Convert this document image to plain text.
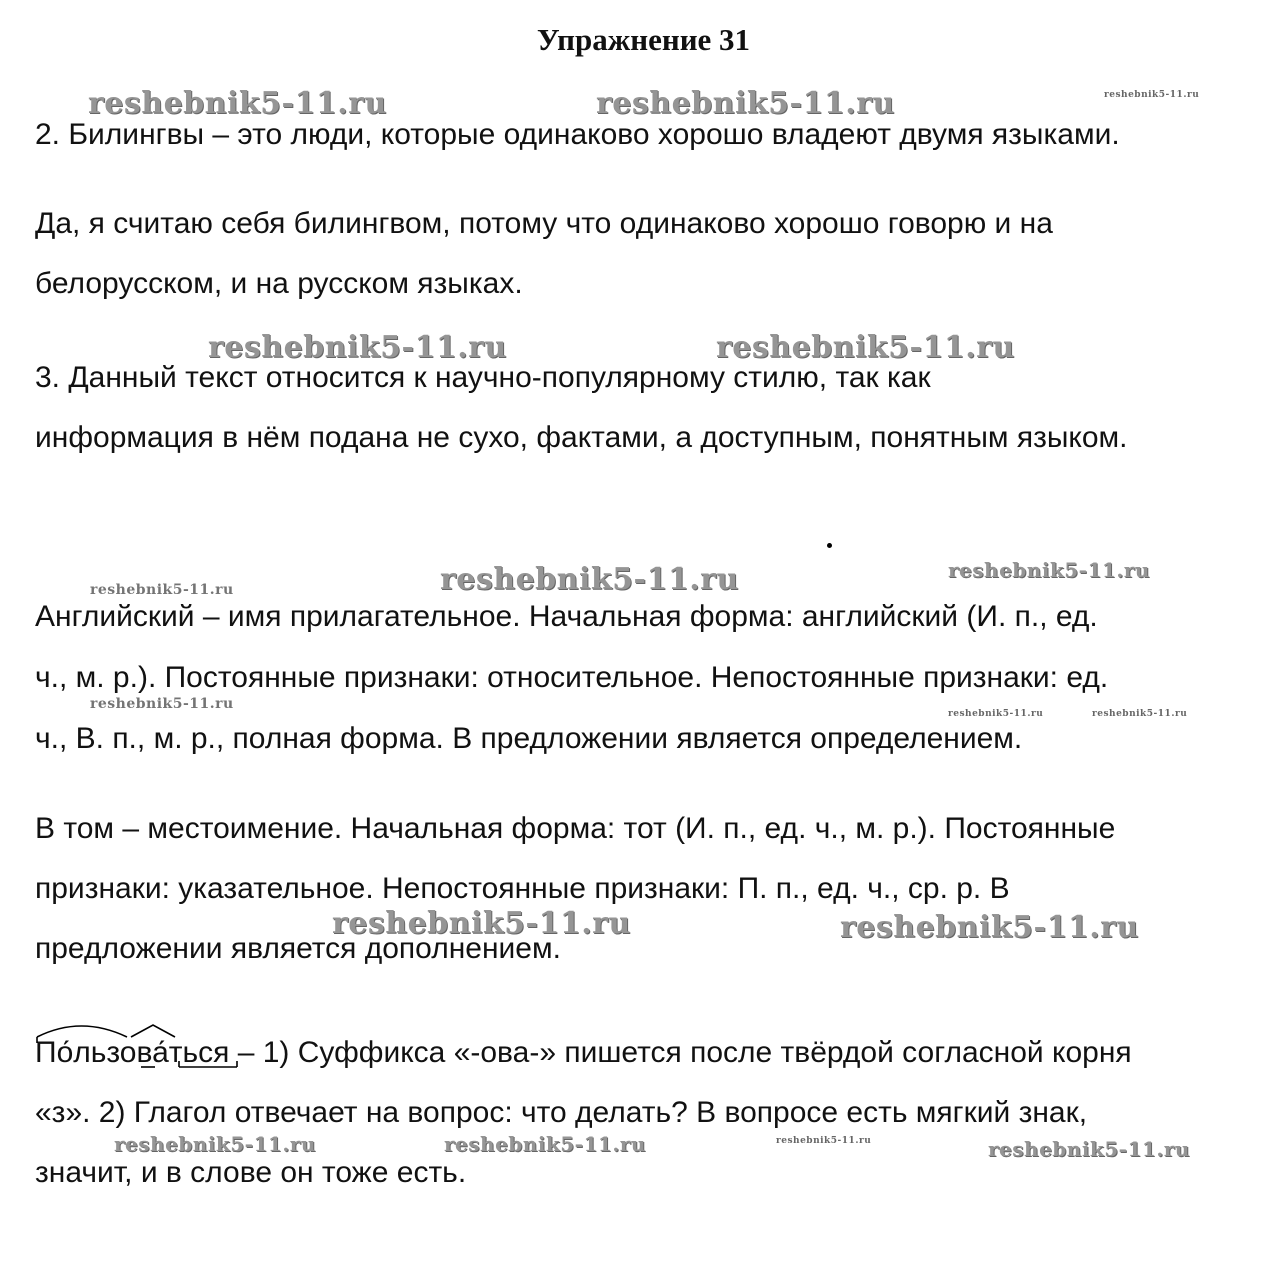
Упражнение 31
reshebnik5-11.ru	reshebnik5-11.ru	reshebnik5-11.ru
reshebnik5-11.ru	reshebnik5-11.ru
reshebnik5-11.ru	reshebnik5-11.ru	reshebnik5-11.ru
reshebnik5-11.ru
reshebnik5-11.ru	reshebnik5-11.ru
reshebnik5-11.ru	reshebnik5-11.ru
reshebnik5-11.ru	reshebnik5-11.ru	reshebnik5-11.ru	reshebnik5-11.ru
2. Билингвы – это люди, которые одинаково хорошо владеют двумя языками.
Да, я считаю себя билингвом, потому что одинаково хорошо говорю и на
белорусском, и на русском языках.
3. Данный текст относится к научно-популярному стилю, так как
информация в нём подана не сухо, фактами, а доступным, понятным языком.
Английский – имя прилагательное. Начальная форма: английский (И. п., ед.
ч., м. р.). Постоянные признаки: относительное. Непостоянные признаки: ед.
ч., В. п., м. р., полная форма. В предложении является определением.
В том – местоимение. Начальная форма: тот (И. п., ед. ч., м. р.). Постоянные
признаки: указательное. Непостоянные признаки: П. п., ед. ч., ср. р. В
предложении является дополнением.
По́льзова́ться – 1) Суффикса «-ова-» пишется после твёрдой согласной корня
«з». 2) Глагол отвечает на вопрос: что делать? В вопросе есть мягкий знак,
значит, и в слове он тоже есть.
